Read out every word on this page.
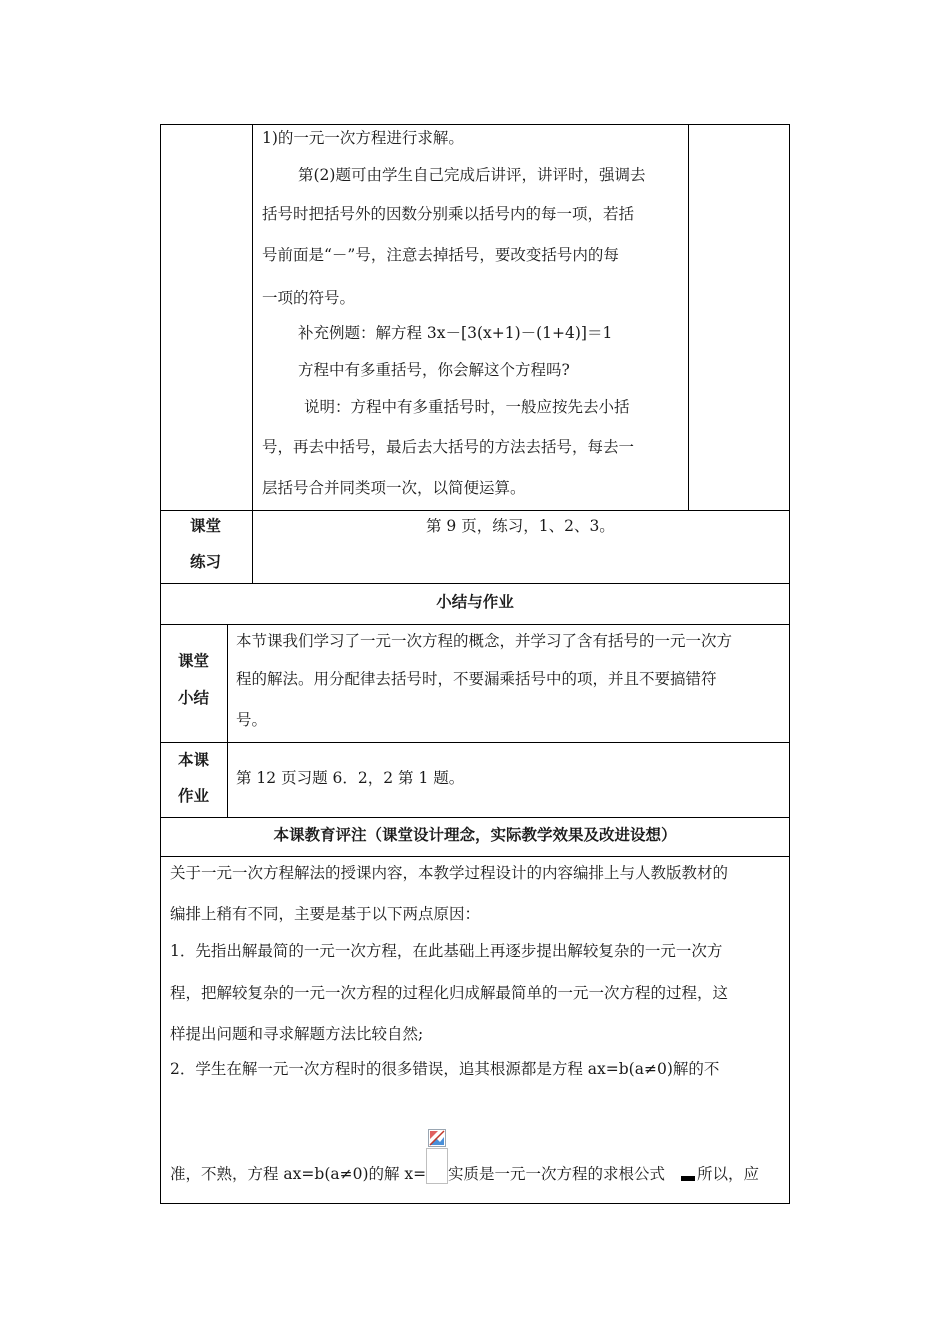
1)的一元一次方程进行求解。
第(2)题可由学生自己完成后讲评，讲评时，强调去
括号时把括号外的因数分别乘以括号内的每一项，若括
号前面是“－”号，注意去掉括号，要改变括号内的每
一项的符号。
补充例题：解方程 3x－[3(x+1)－(1+4)]＝1
方程中有多重括号，你会解这个方程吗?
说明：方程中有多重括号时，一般应按先去小括
号，再去中括号，最后去大括号的方法去括号，每去一
层括号合并同类项一次，以简便运算。
课堂
练习
第 9 页，练习，1、2、3。
小结与作业
课堂
小结
本节课我们学习了一元一次方程的概念，并学习了含有括号的一元一次方
程的解法。用分配律去括号时，不要漏乘括号中的项，并且不要搞错符
号。
本课
作业
第 12 页习题 6．2，2 第 1 题。
本课教育评注（课堂设计理念，实际教学效果及改进设想）
关于一元一次方程解法的授课内容，本教学过程设计的内容编排上与人教版教材的
编排上稍有不同，主要是基于以下两点原因：
1．先指出解最简的一元一次方程，在此基础上再逐步提出解较复杂的一元一次方
程，把解较复杂的一元一次方程的过程化归成解最简单的一元一次方程的过程，这
样提出问题和寻求解题方法比较自然;
2．学生在解一元一次方程时的很多错误，追其根源都是方程 ax=b(a≠0)解的不
准，不熟，方程 ax=b(a≠0)的解 x= 实质是一元一次方程的求根公式 所以，应
